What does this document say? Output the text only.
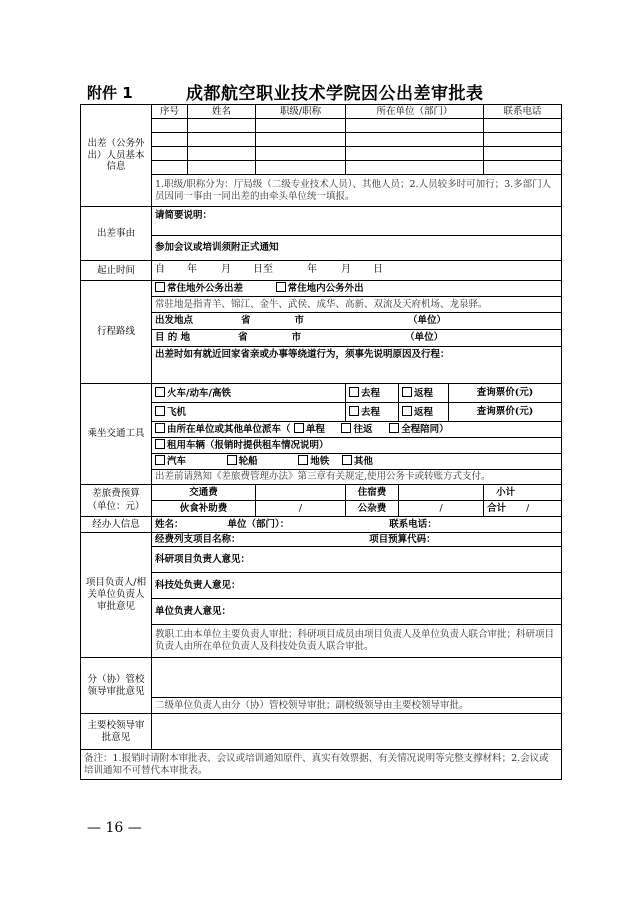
附件 1	成都航空职业技术学院因公出差审批表
出差（公务外出）人员基本信息	序号	姓名	职级/职称	所在单位（部门）			联系电话	

	1.职级/职称分为：厅局级（二级专业技术人员）、其他人员；2.人员较多时可加行；3.多部门人员因同一事由一同出差的由牵头单位统一填报。							
出差事由	请简要说明：							
	参加会议或培训须附正式通知							
起止时间	自 年 月 日至 年 月 日							
行程路线	常住地外公务出差 常住地内公务外出							
	常驻地是指青羊、锦江、金牛、武侯、成华、高新、双流及天府机场、龙泉驿。							
	出发地点 省 市 （单位）							
	目 的 地 省 市 （单位）							
	出差时如有就近回家省亲或办事等绕道行为，须事先说明原因及行程：							
乘坐交通工具	火车/动车/高铁			去程	返程	查询票价(元)		
	飞机			去程	返程	查询票价(元)		
	由所在单位或其他单位派车（ 单程 往返 全程陪同）							
	租用车辆（报销时提供租车情况说明）							
	汽车 轮船 地铁 其他							
	出差前请熟知《差旅费管理办法》第三章有关规定,使用公务卡或转账方式支付。							
差旅费预算（单位：元）	交通费			住宿费			小计	
	伙食补助费		/	公杂费	/		合计 /	
经办人信息	姓名： 单位（部门）： 联系电话：							
项目负责人/相关单位负责人审批意见	经费列支项目名称： 项目预算代码：							
	科研项目负责人意见：							
	科技处负责人意见：							
	单位负责人意见：							
	教职工由本单位主要负责人审批；科研项目成员由项目负责人及单位负责人联合审批；科研项目负责人由所在单位负责人及科技处负责人联合审批。							
分（协）管校领导审批意见								
	二级单位负责人由分（协）管校领导审批；副校级领导由主要校领导审批。							
主要校领导审批意见								
备注：1.报销时请附本审批表、会议或培训通知原件、真实有效票据、有关情况说明等完整支撑材料；2.会议或培训通知不可替代本审批表。								
— 16 —
